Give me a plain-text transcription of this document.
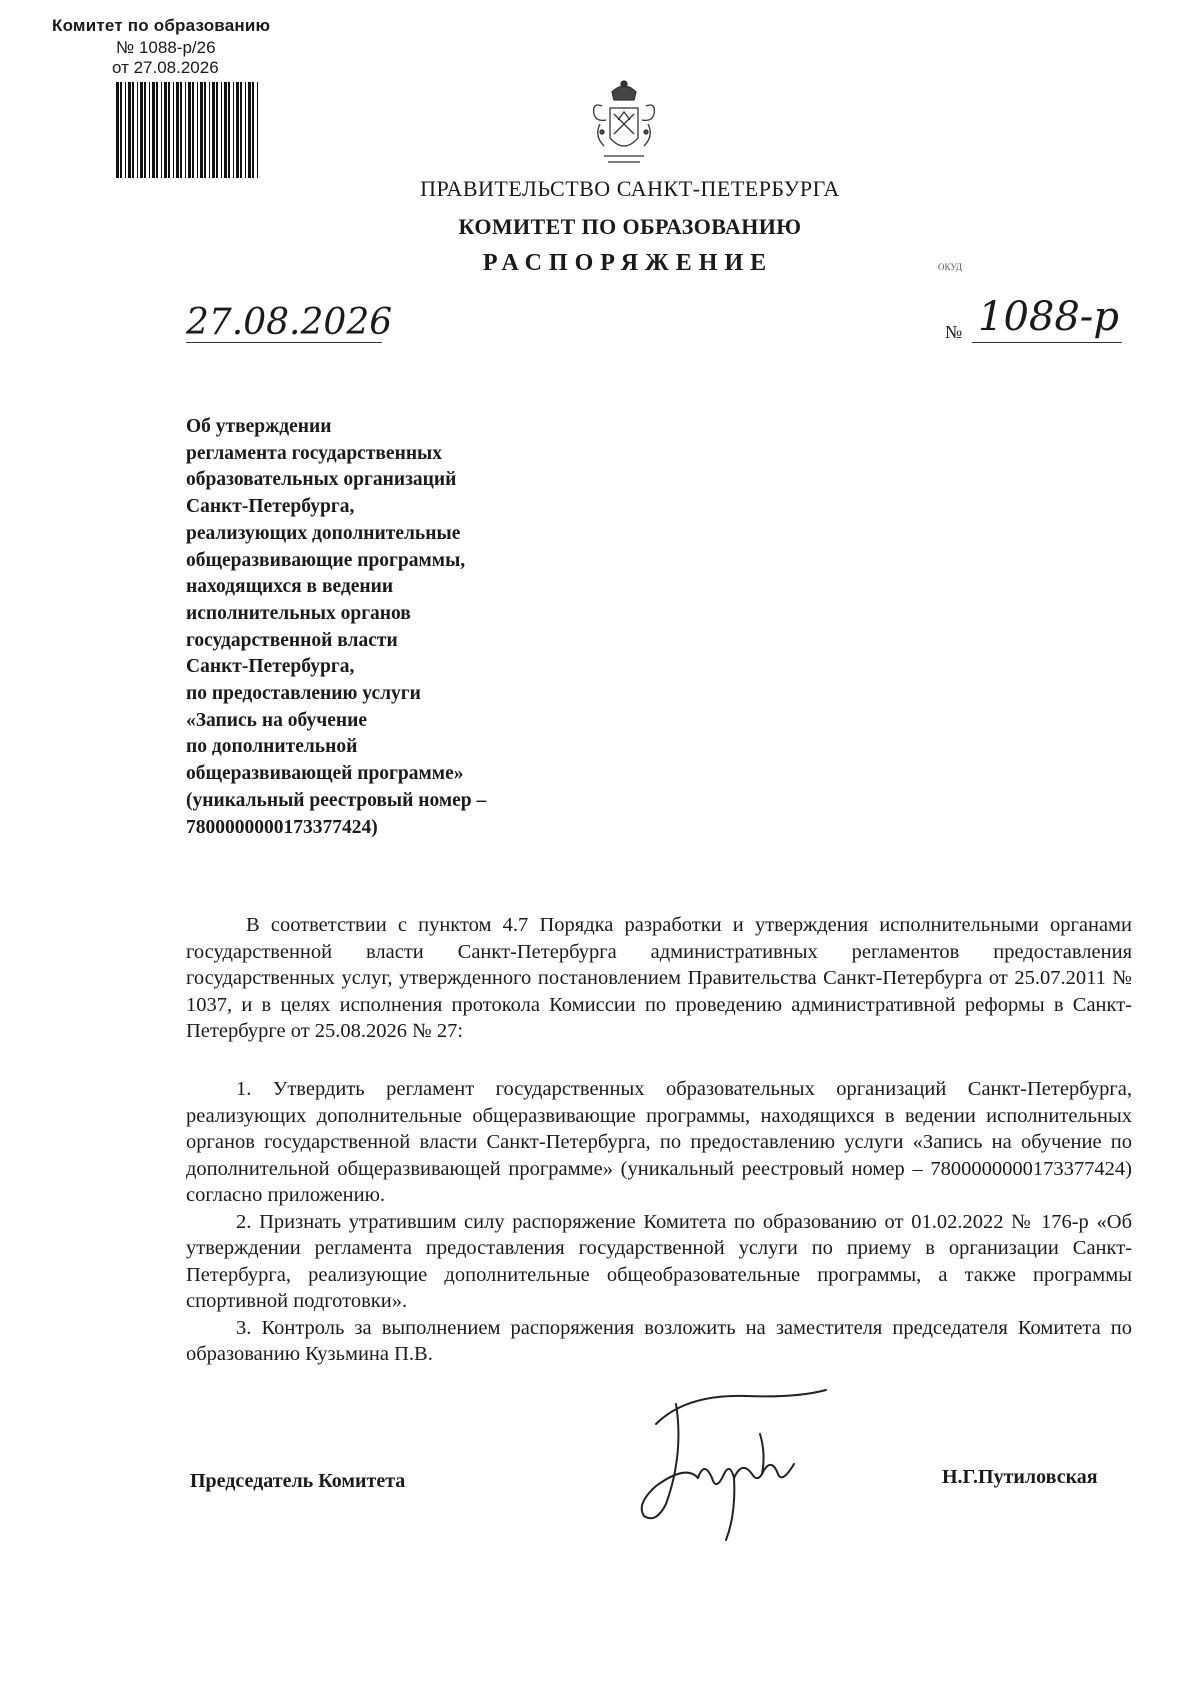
Комитет по образованию
№ 1088-р/26
от 27.08.2026
ПРАВИТЕЛЬСТВО САНКТ-ПЕТЕРБУРГА
КОМИТЕТ ПО ОБРАЗОВАНИЮ
РАСПОРЯЖЕНИЕ	ОКУД
27.08.2026	№ 1088-р
Об утверждении
регламента государственных
образовательных организаций
Санкт-Петербурга,
реализующих дополнительные
общеразвивающие программы,
находящихся в ведении
исполнительных органов
государственной власти
Санкт-Петербурга,
по предоставлению услуги
«Запись на обучение
по дополнительной
общеразвивающей программе»
(уникальный реестровый номер –
7800000000173377424)

В соответствии с пунктом 4.7 Порядка разработки и утверждения исполнительными органами государственной власти Санкт-Петербурга административных регламентов предоставления государственных услуг, утвержденного постановлением Правительства Санкт-Петербурга от 25.07.2011 № 1037, и в целях исполнения протокола Комиссии по проведению административной реформы в Санкт-Петербурге от 25.08.2026 № 27:

1. Утвердить регламент государственных образовательных организаций Санкт-Петербурга, реализующих дополнительные общеразвивающие программы, находящихся в ведении исполнительных органов государственной власти Санкт-Петербурга, по предоставлению услуги «Запись на обучение по дополнительной общеразвивающей программе» (уникальный реестровый номер – 7800000000173377424) согласно приложению.

2. Признать утратившим силу распоряжение Комитета по образованию от 01.02.2022 № 176-р «Об утверждении регламента предоставления государственной услуги по приему в организации Санкт-Петербурга, реализующие дополнительные общеобразовательные программы, а также программы спортивной подготовки».

3. Контроль за выполнением распоряжения возложить на заместителя председателя Комитета по образованию Кузьмина П.В.

Председатель Комитета	Н.Г.Путиловская
